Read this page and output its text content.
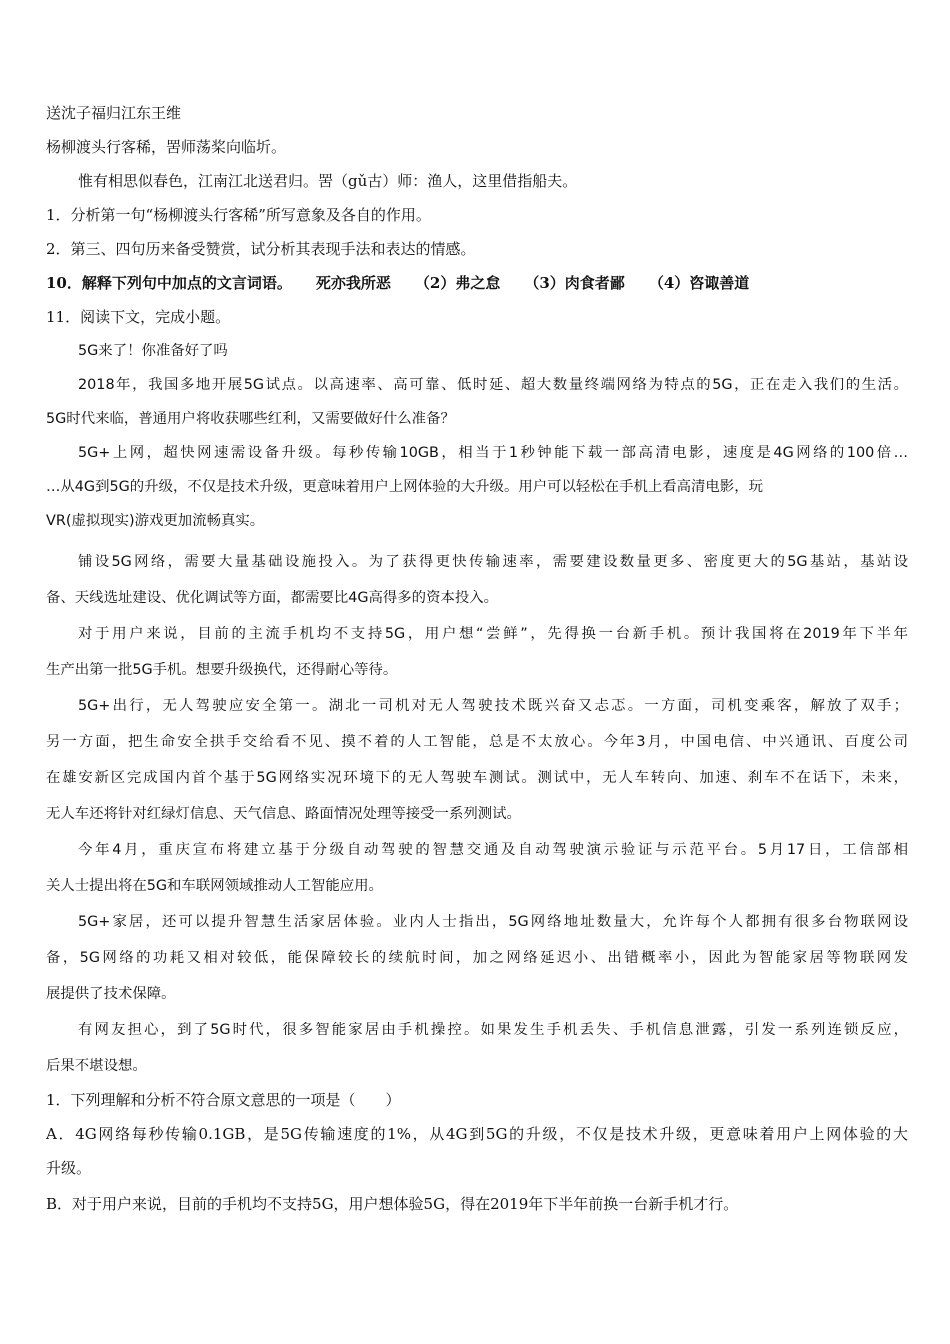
送沈子福归江东王维
杨柳渡头行客稀，罟师荡桨向临圻。
惟有相思似春色，江南江北送君归。罟（gǔ古）师：渔人，这里借指船夫。
1．分析第一句“杨柳渡头行客稀”所写意象及各自的作用。
2．第三、四句历来备受赞赏，试分析其表现手法和表达的情感。
10．解释下列句中加点的文言词语。 死亦我所恶 （2）弗之怠 （3）肉食者鄙 （4）咨诹善道
11．阅读下文，完成小题。
5G来了！你准备好了吗
2018年，我国多地开展5G试点。以高速率、高可靠、低时延、超大数量终端网络为特点的5G，正在走入我们的生活。
5G时代来临，普通用户将收获哪些红利，又需要做好什么准备？
5G+上网，超快网速需设备升级。每秒传输10GB，相当于1秒钟能下载一部高清电影，速度是4G网络的100倍…
…从4G到5G的升级，不仅是技术升级，更意味着用户上网体验的大升级。用户可以轻松在手机上看高清电影，玩
VR(虚拟现实)游戏更加流畅真实。
铺设5G网络，需要大量基础设施投入。为了获得更快传输速率，需要建设数量更多、密度更大的5G基站，基站设
备、天线选址建设、优化调试等方面，都需要比4G高得多的资本投入。
对于用户来说，目前的主流手机均不支持5G，用户想“尝鲜”，先得换一台新手机。预计我国将在2019年下半年
生产出第一批5G手机。想要升级换代，还得耐心等待。
5G+出行，无人驾驶应安全第一。湖北一司机对无人驾驶技术既兴奋又忐忑。一方面，司机变乘客，解放了双手；
另一方面，把生命安全拱手交给看不见、摸不着的人工智能，总是不太放心。今年3月，中国电信、中兴通讯、百度公司
在雄安新区完成国内首个基于5G网络实况环境下的无人驾驶车测试。测试中，无人车转向、加速、刹车不在话下，未来，
无人车还将针对红绿灯信息、天气信息、路面情况处理等接受一系列测试。
今年4月，重庆宣布将建立基于分级自动驾驶的智慧交通及自动驾驶演示验证与示范平台。5月17日，工信部相
关人士提出将在5G和车联网领域推动人工智能应用。
5G+家居，还可以提升智慧生活家居体验。业内人士指出，5G网络地址数量大，允许每个人都拥有很多台物联网设
备，5G网络的功耗又相对较低，能保障较长的续航时间，加之网络延迟小、出错概率小，因此为智能家居等物联网发
展提供了技术保障。
有网友担心，到了5G时代，很多智能家居由手机操控。如果发生手机丢失、手机信息泄露，引发一系列连锁反应，
后果不堪设想。
1．下列理解和分析不符合原文意思的一项是（　　）
A．4G网络每秒传输0.1GB，是5G传输速度的1%，从4G到5G的升级，不仅是技术升级，更意味着用户上网体验的大
升级。
B．对于用户来说，目前的手机均不支持5G，用户想体验5G，得在2019年下半年前换一台新手机才行。
